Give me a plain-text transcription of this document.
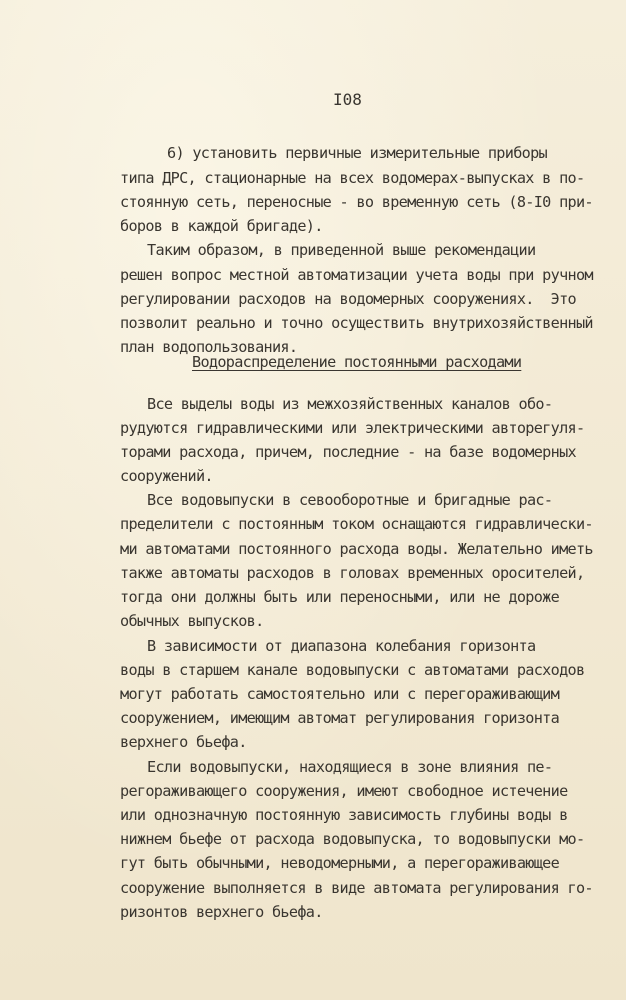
I08
6) установить первичные измерительные приборы
типа ДРС, стационарные на всех водомерах-выпусках в по-
стоянную сеть, переносные - во временную сеть (8-I0 при-
боров в каждой бригаде).
Таким образом, в приведенной выше рекомендации
решен вопрос местной автоматизации учета воды при ручном
регулировании расходов на водомерных сооружениях.  Это
позволит реально и точно осуществить внутрихозяйственный
план водопользования.
Водораспределение постоянными расходами
Все выделы воды из межхозяйственных каналов обо-
рудуются гидравлическими или электрическими авторегуля-
торами расхода, причем, последние - на базе водомерных
сооружений.
Все водовыпуски в севооборотные и бригадные рас-
пределители с постоянным током оснащаются гидравлически-
ми автоматами постоянного расхода воды. Желательно иметь
также автоматы расходов в головах временных оросителей,
тогда они должны быть или переносными, или не дороже
обычных выпусков.
В зависимости от диапазона колебания горизонта
воды в старшем канале водовыпуски с автоматами расходов
могут работать самостоятельно или с перегораживающим
сооружением, имеющим автомат регулирования горизонта
верхнего бьефа.
Если водовыпуски, находящиеся в зоне влияния пе-
регораживающего сооружения, имеют свободное истечение
или однозначную постоянную зависимость глубины воды в
нижнем бьефе от расхода водовыпуска, то водовыпуски мо-
гут быть обычными, неводомерными, а перегораживающее
сооружение выполняется в виде автомата регулирования го-
ризонтов верхнего бьефа.
